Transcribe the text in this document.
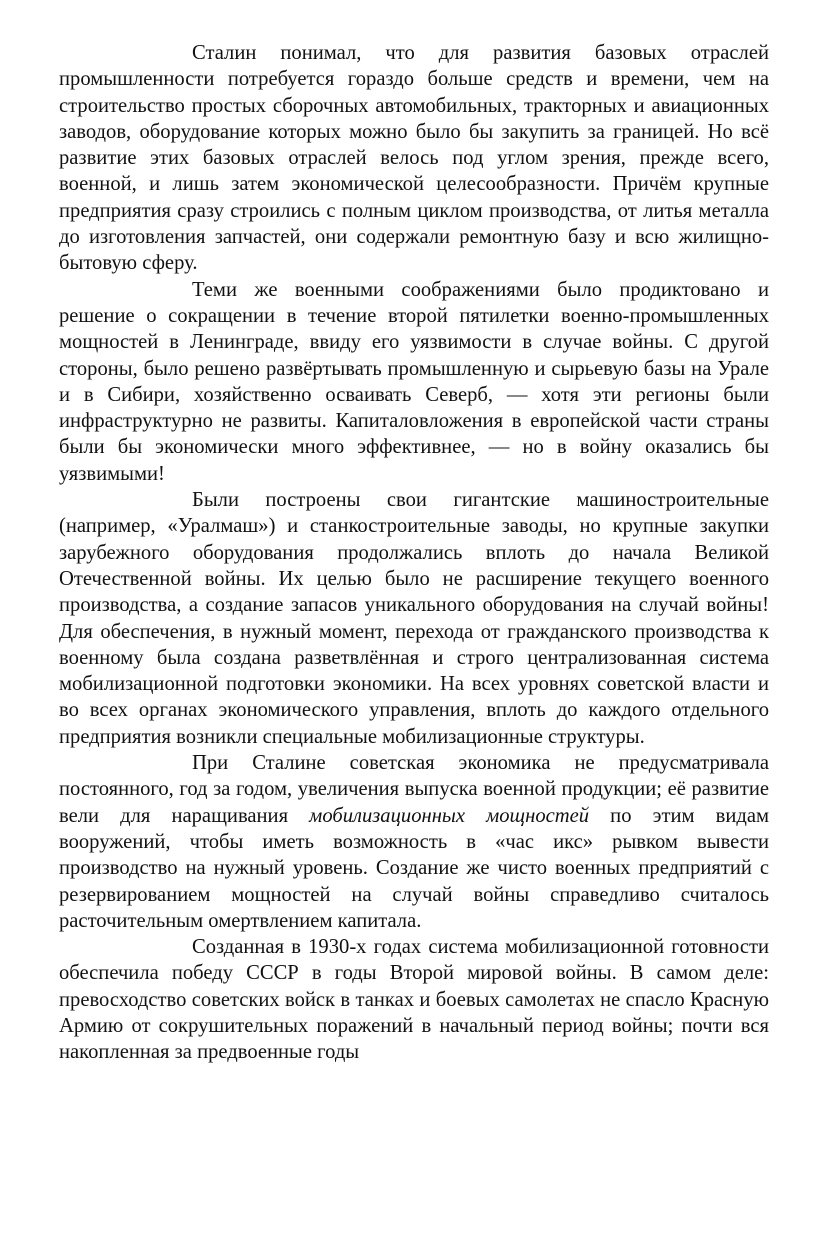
Сталин понимал, что для развития базовых отраслей промышленности потребуется гораздо больше средств и времени, чем на строительство простых сборочных автомобильных, тракторных и авиационных заводов, оборудование которых можно было бы закупить за границей. Но всё развитие этих базовых отраслей велось под углом зрения, прежде всего, военной, и лишь затем экономической целесообразности. Причём крупные предприятия сразу строились с полным циклом производства, от литья металла до изготовления запчастей, они содержали ремонтную базу и всю жилищно-бытовую сферу.

Теми же военными соображениями было продиктовано и решение о сокращении в течение второй пятилетки военно-промышленных мощностей в Ленинграде, ввиду его уязвимости в случае войны. С другой стороны, было решено развёртывать промышленную и сырьевую базы на Урале и в Сибири, хозяйственно осваивать Северб, — хотя эти регионы были инфраструктурно не развиты. Капиталовложения в европейской части страны были бы экономически много эффективнее, — но в войну оказались бы уязвимыми!

Были построены свои гигантские машиностроительные (например, «Уралмаш») и станкостроительные заводы, но крупные закупки зарубежного оборудования продолжались вплоть до начала Великой Отечественной войны. Их целью было не расширение текущего военного производства, а создание запасов уникального оборудования на случай войны! Для обеспечения, в нужный момент, перехода от гражданского производства к военному была создана разветвлённая и строго централизованная система мобилизационной подготовки экономики. На всех уровнях советской власти и во всех органах экономического управления, вплоть до каждого отдельного предприятия возникли специальные мобилизационные структуры.

При Сталине советская экономика не предусматривала постоянного, год за годом, увеличения выпуска военной продукции; её развитие вели для наращивания мобилизационных мощностей по этим видам вооружений, чтобы иметь возможность в «час икс» рывком вывести производство на нужный уровень. Создание же чисто военных предприятий с резервированием мощностей на случай войны справедливо считалось расточительным омертвлением капитала.

Созданная в 1930-х годах система мобилизационной готовности обеспечила победу СССР в годы Второй мировой войны. В самом деле: превосходство советских войск в танках и боевых самолетах не спасло Красную Армию от сокрушительных поражений в начальный период войны; почти вся накопленная за предвоенные годы
